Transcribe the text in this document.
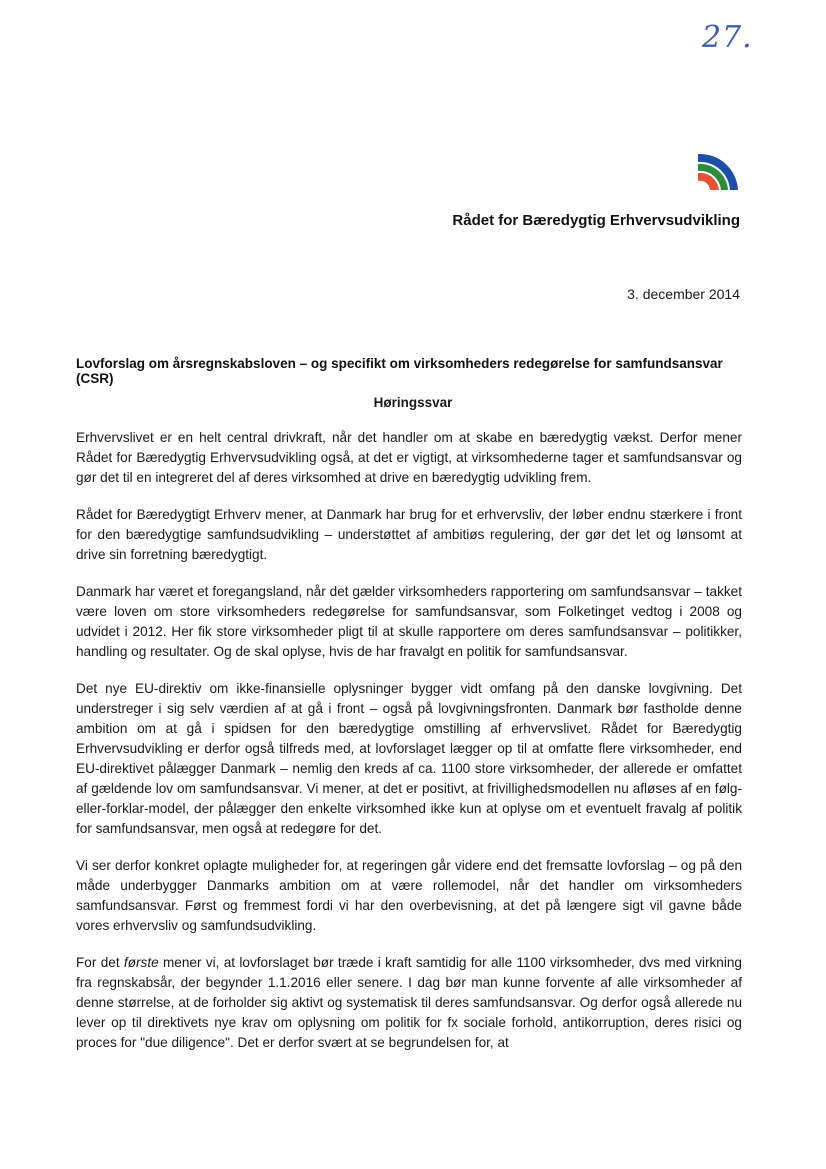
27.
Rådet for Bæredygtig Erhvervsudvikling
3. december 2014
Lovforslag om årsregnskabsloven – og specifikt om virksomheders redegørelse for samfundsansvar (CSR)
Høringssvar

Erhvervslivet er en helt central drivkraft, når det handler om at skabe en bæredygtig vækst. Derfor mener Rådet for Bæredygtig Erhvervsudvikling også, at det er vigtigt, at virksomhederne tager et samfundsansvar og gør det til en integreret del af deres virksomhed at drive en bæredygtig udvikling frem.

Rådet for Bæredygtigt Erhverv mener, at Danmark har brug for et erhvervsliv, der løber endnu stærkere i front for den bæredygtige samfundsudvikling – understøttet af ambitiøs regulering, der gør det let og lønsomt at drive sin forretning bæredygtigt.

Danmark har været et foregangsland, når det gælder virksomheders rapportering om samfundsansvar – takket være loven om store virksomheders redegørelse for samfundsansvar, som Folketinget vedtog i 2008 og udvidet i 2012. Her fik store virksomheder pligt til at skulle rapportere om deres samfundsansvar – politikker, handling og resultater. Og de skal oplyse, hvis de har fravalgt en politik for samfundsansvar.

Det nye EU-direktiv om ikke-finansielle oplysninger bygger vidt omfang på den danske lovgivning. Det understreger i sig selv værdien af at gå i front – også på lovgivningsfronten. Danmark bør fastholde denne ambition om at gå i spidsen for den bæredygtige omstilling af erhvervslivet. Rådet for Bæredygtig Erhvervsudvikling er derfor også tilfreds med, at lovforslaget lægger op til at omfatte flere virksomheder, end EU-direktivet pålægger Danmark – nemlig den kreds af ca. 1100 store virksomheder, der allerede er omfattet af gældende lov om samfundsansvar. Vi mener, at det er positivt, at frivillighedsmodellen nu afløses af en følg-eller-forklar-model, der pålægger den enkelte virksomhed ikke kun at oplyse om et eventuelt fravalg af politik for samfundsansvar, men også at redegøre for det.

Vi ser derfor konkret oplagte muligheder for, at regeringen går videre end det fremsatte lovforslag – og på den måde underbygger Danmarks ambition om at være rollemodel, når det handler om virksomheders samfundsansvar. Først og fremmest fordi vi har den overbevisning, at det på længere sigt vil gavne både vores erhvervsliv og samfundsudvikling.

For det første mener vi, at lovforslaget bør træde i kraft samtidig for alle 1100 virksomheder, dvs med virkning fra regnskabsår, der begynder 1.1.2016 eller senere. I dag bør man kunne forvente af alle virksomheder af denne størrelse, at de forholder sig aktivt og systematisk til deres samfundsansvar. Og derfor også allerede nu lever op til direktivets nye krav om oplysning om politik for fx sociale forhold, antikorruption, deres risici og proces for "due diligence". Det er derfor svært at se begrundelsen for, at
